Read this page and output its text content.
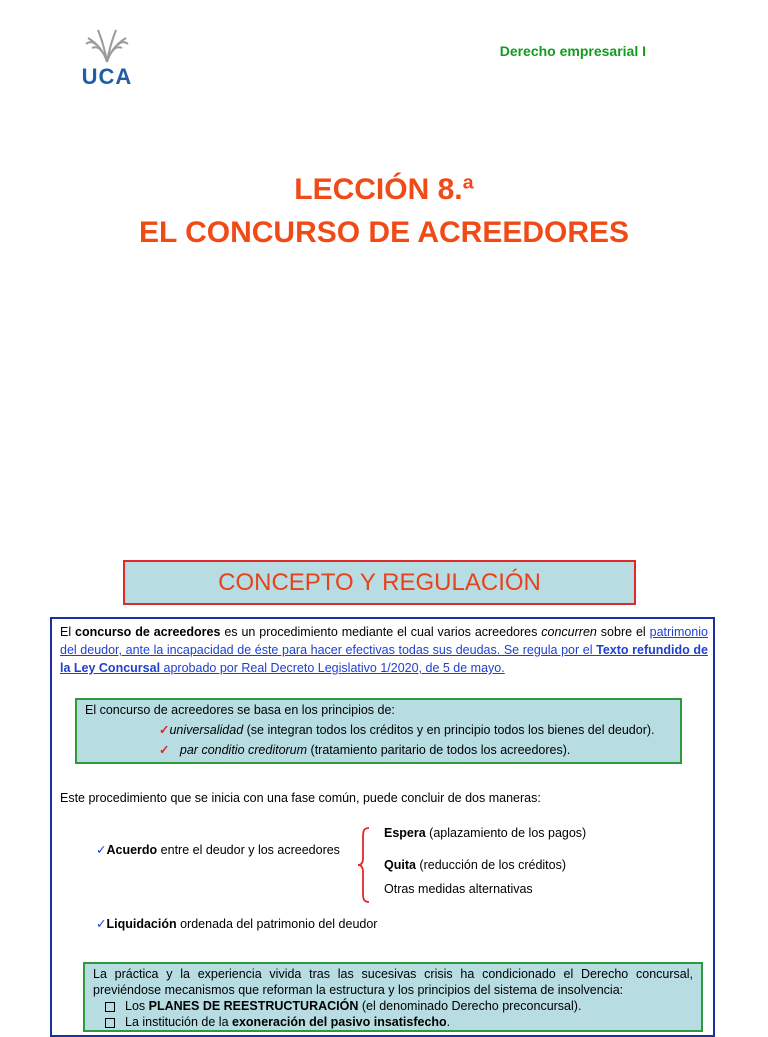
UCA
Derecho empresarial I
LECCIÓN 8.ª
EL CONCURSO DE ACREEDORES
CONCEPTO Y REGULACIÓN
El concurso de acreedores es un procedimiento mediante el cual varios acreedores concurren sobre el patrimonio del deudor, ante la incapacidad de éste para hacer efectivas todas sus deudas. Se regula por el Texto refundido de la Ley Concursal aprobado por Real Decreto Legislativo 1/2020, de 5 de mayo.
El concurso de acreedores se basa en los principios de:
✓universalidad (se integran todos los créditos y en principio todos los bienes del deudor).
✓ par conditio creditorum (tratamiento paritario de todos los acreedores).
Este procedimiento que se inicia con una fase común, puede concluir de dos maneras:
✓Acuerdo entre el deudor y los acreedores
Espera (aplazamiento de los pagos)
Quita (reducción de los créditos)
Otras medidas alternativas
✓Liquidación ordenada del patrimonio del deudor
La práctica y la experiencia vivida tras las sucesivas crisis ha condicionado el Derecho concursal, previéndose mecanismos que reforman la estructura y los principios del sistema de insolvencia:
Los PLANES DE REESTRUCTURACIÓN (el denominado Derecho preconcursal).
La institución de la exoneración del pasivo insatisfecho.
